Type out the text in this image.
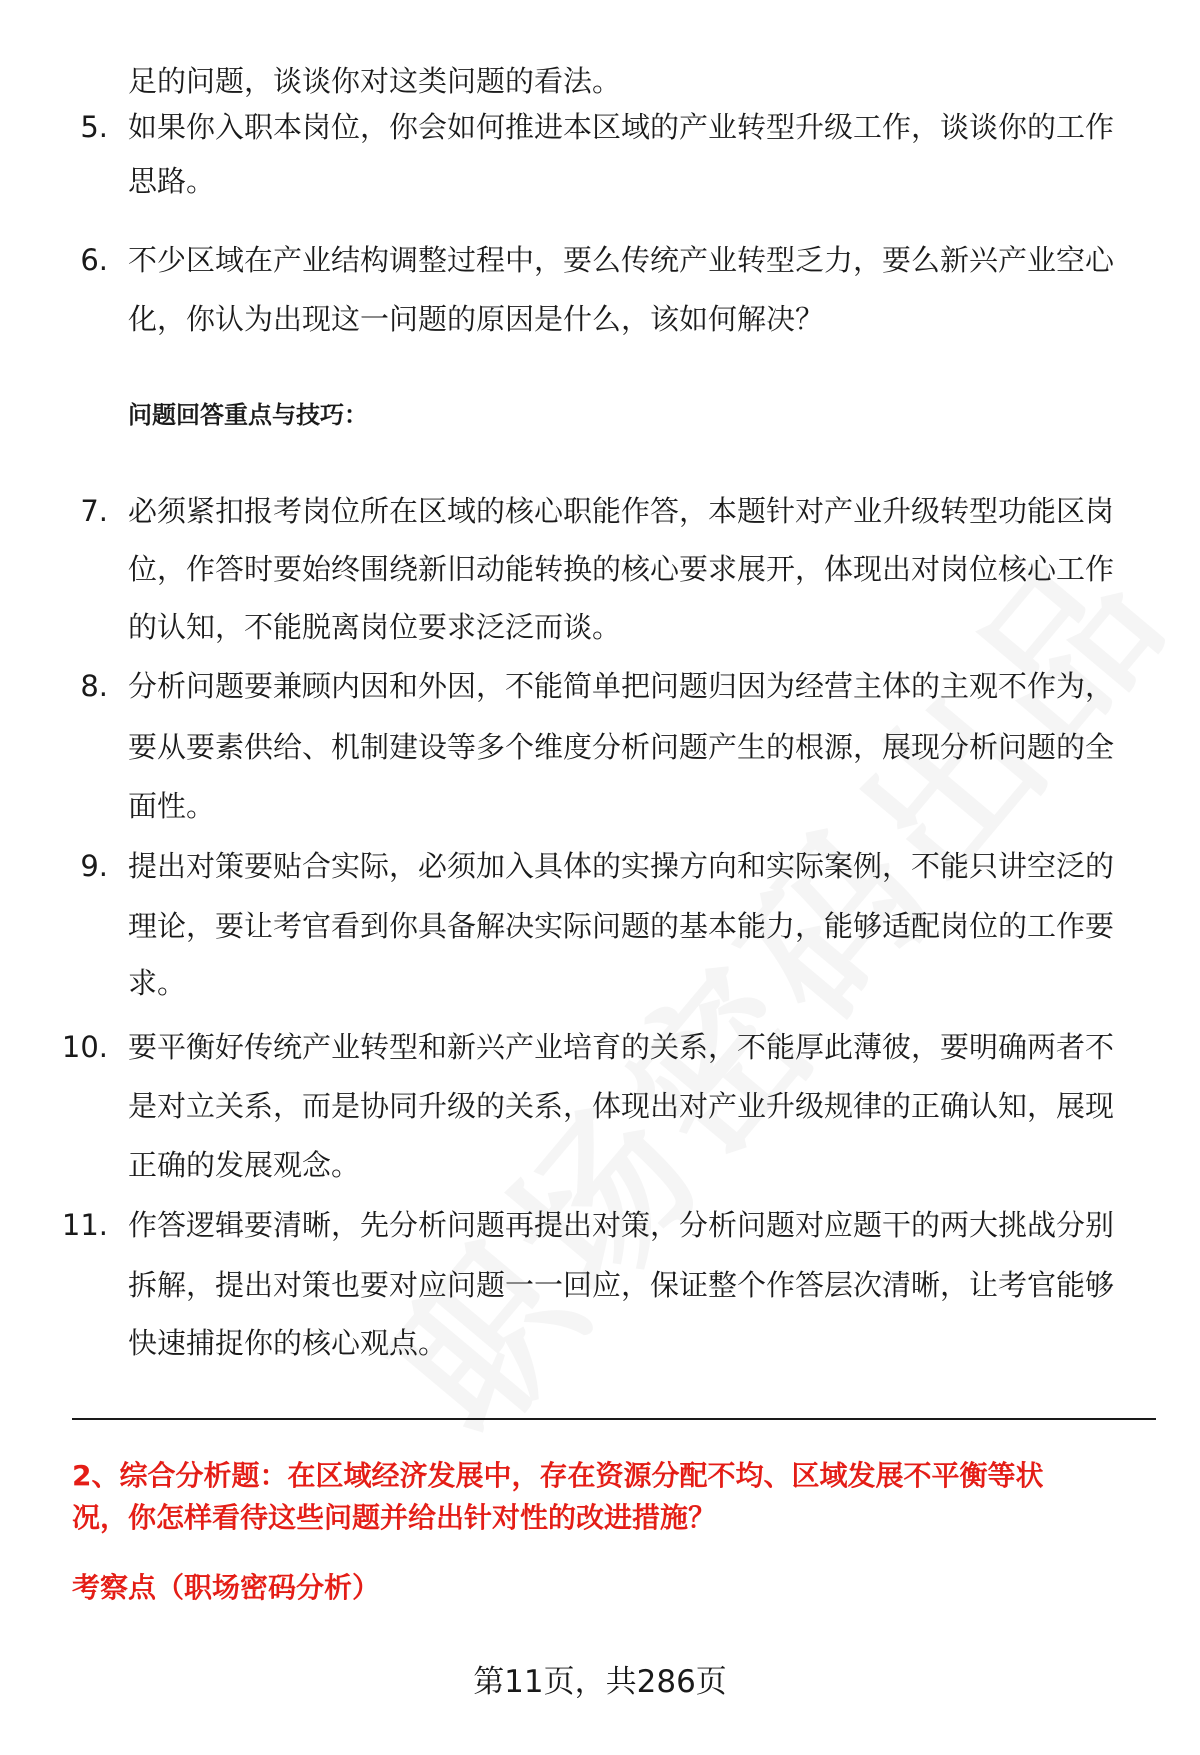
足的问题，谈谈你对这类问题的看法。
5. 如果你入职本岗位，你会如何推进本区域的产业转型升级工作，谈谈你的工作
思路。
6. 不少区域在产业结构调整过程中，要么传统产业转型乏力，要么新兴产业空心
化，你认为出现这一问题的原因是什么，该如何解决？
问题回答重点与技巧：
7. 必须紧扣报考岗位所在区域的核心职能作答，本题针对产业升级转型功能区岗
位，作答时要始终围绕新旧动能转换的核心要求展开，体现出对岗位核心工作
的认知，不能脱离岗位要求泛泛而谈。
8. 分析问题要兼顾内因和外因，不能简单把问题归因为经营主体的主观不作为，
要从要素供给、机制建设等多个维度分析问题产生的根源，展现分析问题的全
面性。
9. 提出对策要贴合实际，必须加入具体的实操方向和实际案例，不能只讲空泛的
理论，要让考官看到你具备解决实际问题的基本能力，能够适配岗位的工作要
求。
10. 要平衡好传统产业转型和新兴产业培育的关系，不能厚此薄彼，要明确两者不
是对立关系，而是协同升级的关系，体现出对产业升级规律的正确认知，展现
正确的发展观念。
11. 作答逻辑要清晰，先分析问题再提出对策，分析问题对应题干的两大挑战分别
拆解，提出对策也要对应问题一一回应，保证整个作答层次清晰，让考官能够
快速捕捉你的核心观点。
2、综合分析题：在区域经济发展中，存在资源分配不均、区域发展不平衡等状
况，你怎样看待这些问题并给出针对性的改进措施？
考察点（职场密码分析）
第11页，共286页
